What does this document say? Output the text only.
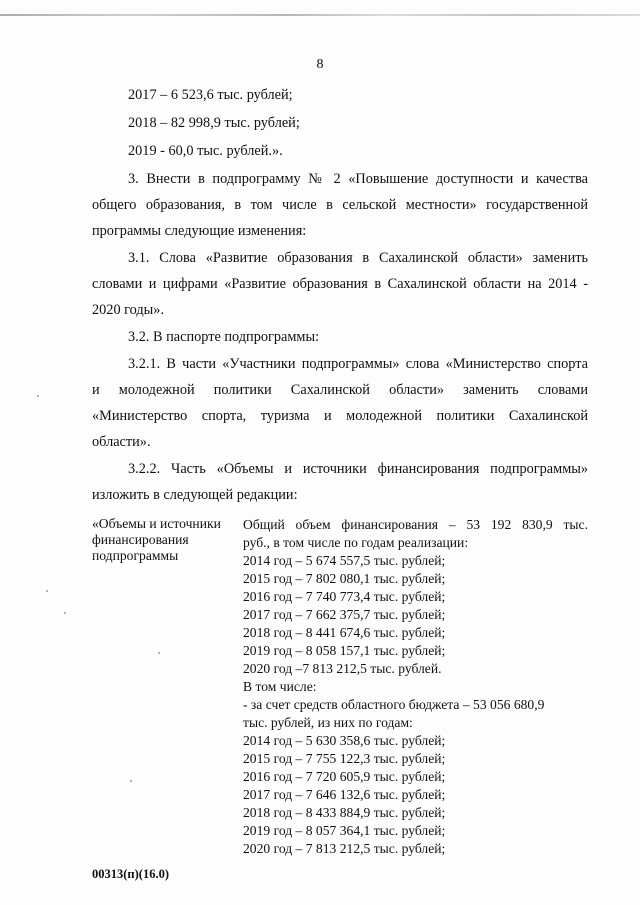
8
2017 – 6 523,6 тыс. рублей;
2018 – 82 998,9 тыс. рублей;
2019 - 60,0 тыс. рублей.».
3. Внести в подпрограмму № 2 «Повышение доступности и качества
общего образования, в том числе в сельской местности» государственной
программы следующие изменения:
3.1. Слова «Развитие образования в Сахалинской области» заменить
словами и цифрами «Развитие образования в Сахалинской области на 2014 -
2020 годы».
3.2. В паспорте подпрограммы:
3.2.1. В части «Участники подпрограммы» слова «Министерство спорта
и молодежной политики Сахалинской области» заменить словами
«Министерство спорта, туризма и молодежной политики Сахалинской
области».
3.2.2. Часть «Объемы и источники финансирования подпрограммы»
изложить в следующей редакции:
«Объемы и источники
финансирования
подпрограммы
Общий объем финансирования – 53 192 830,9 тыс.
руб., в том числе по годам реализации:
2014 год – 5 674 557,5 тыс. рублей;
2015 год – 7 802 080,1 тыс. рублей;
2016 год – 7 740 773,4 тыс. рублей;
2017 год – 7 662 375,7 тыс. рублей;
2018 год – 8 441 674,6 тыс. рублей;
2019 год – 8 058 157,1 тыс. рублей;
2020 год –7 813 212,5 тыс. рублей.
В том числе:
- за счет средств областного бюджета – 53 056 680,9
тыс. рублей, из них по годам:
2014 год – 5 630 358,6 тыс. рублей;
2015 год – 7 755 122,3 тыс. рублей;
2016 год – 7 720 605,9 тыс. рублей;
2017 год – 7 646 132,6 тыс. рублей;
2018 год – 8 433 884,9 тыс. рублей;
2019 год – 8 057 364,1 тыс. рублей;
2020 год – 7 813 212,5 тыс. рублей;
00313(п)(16.0)
